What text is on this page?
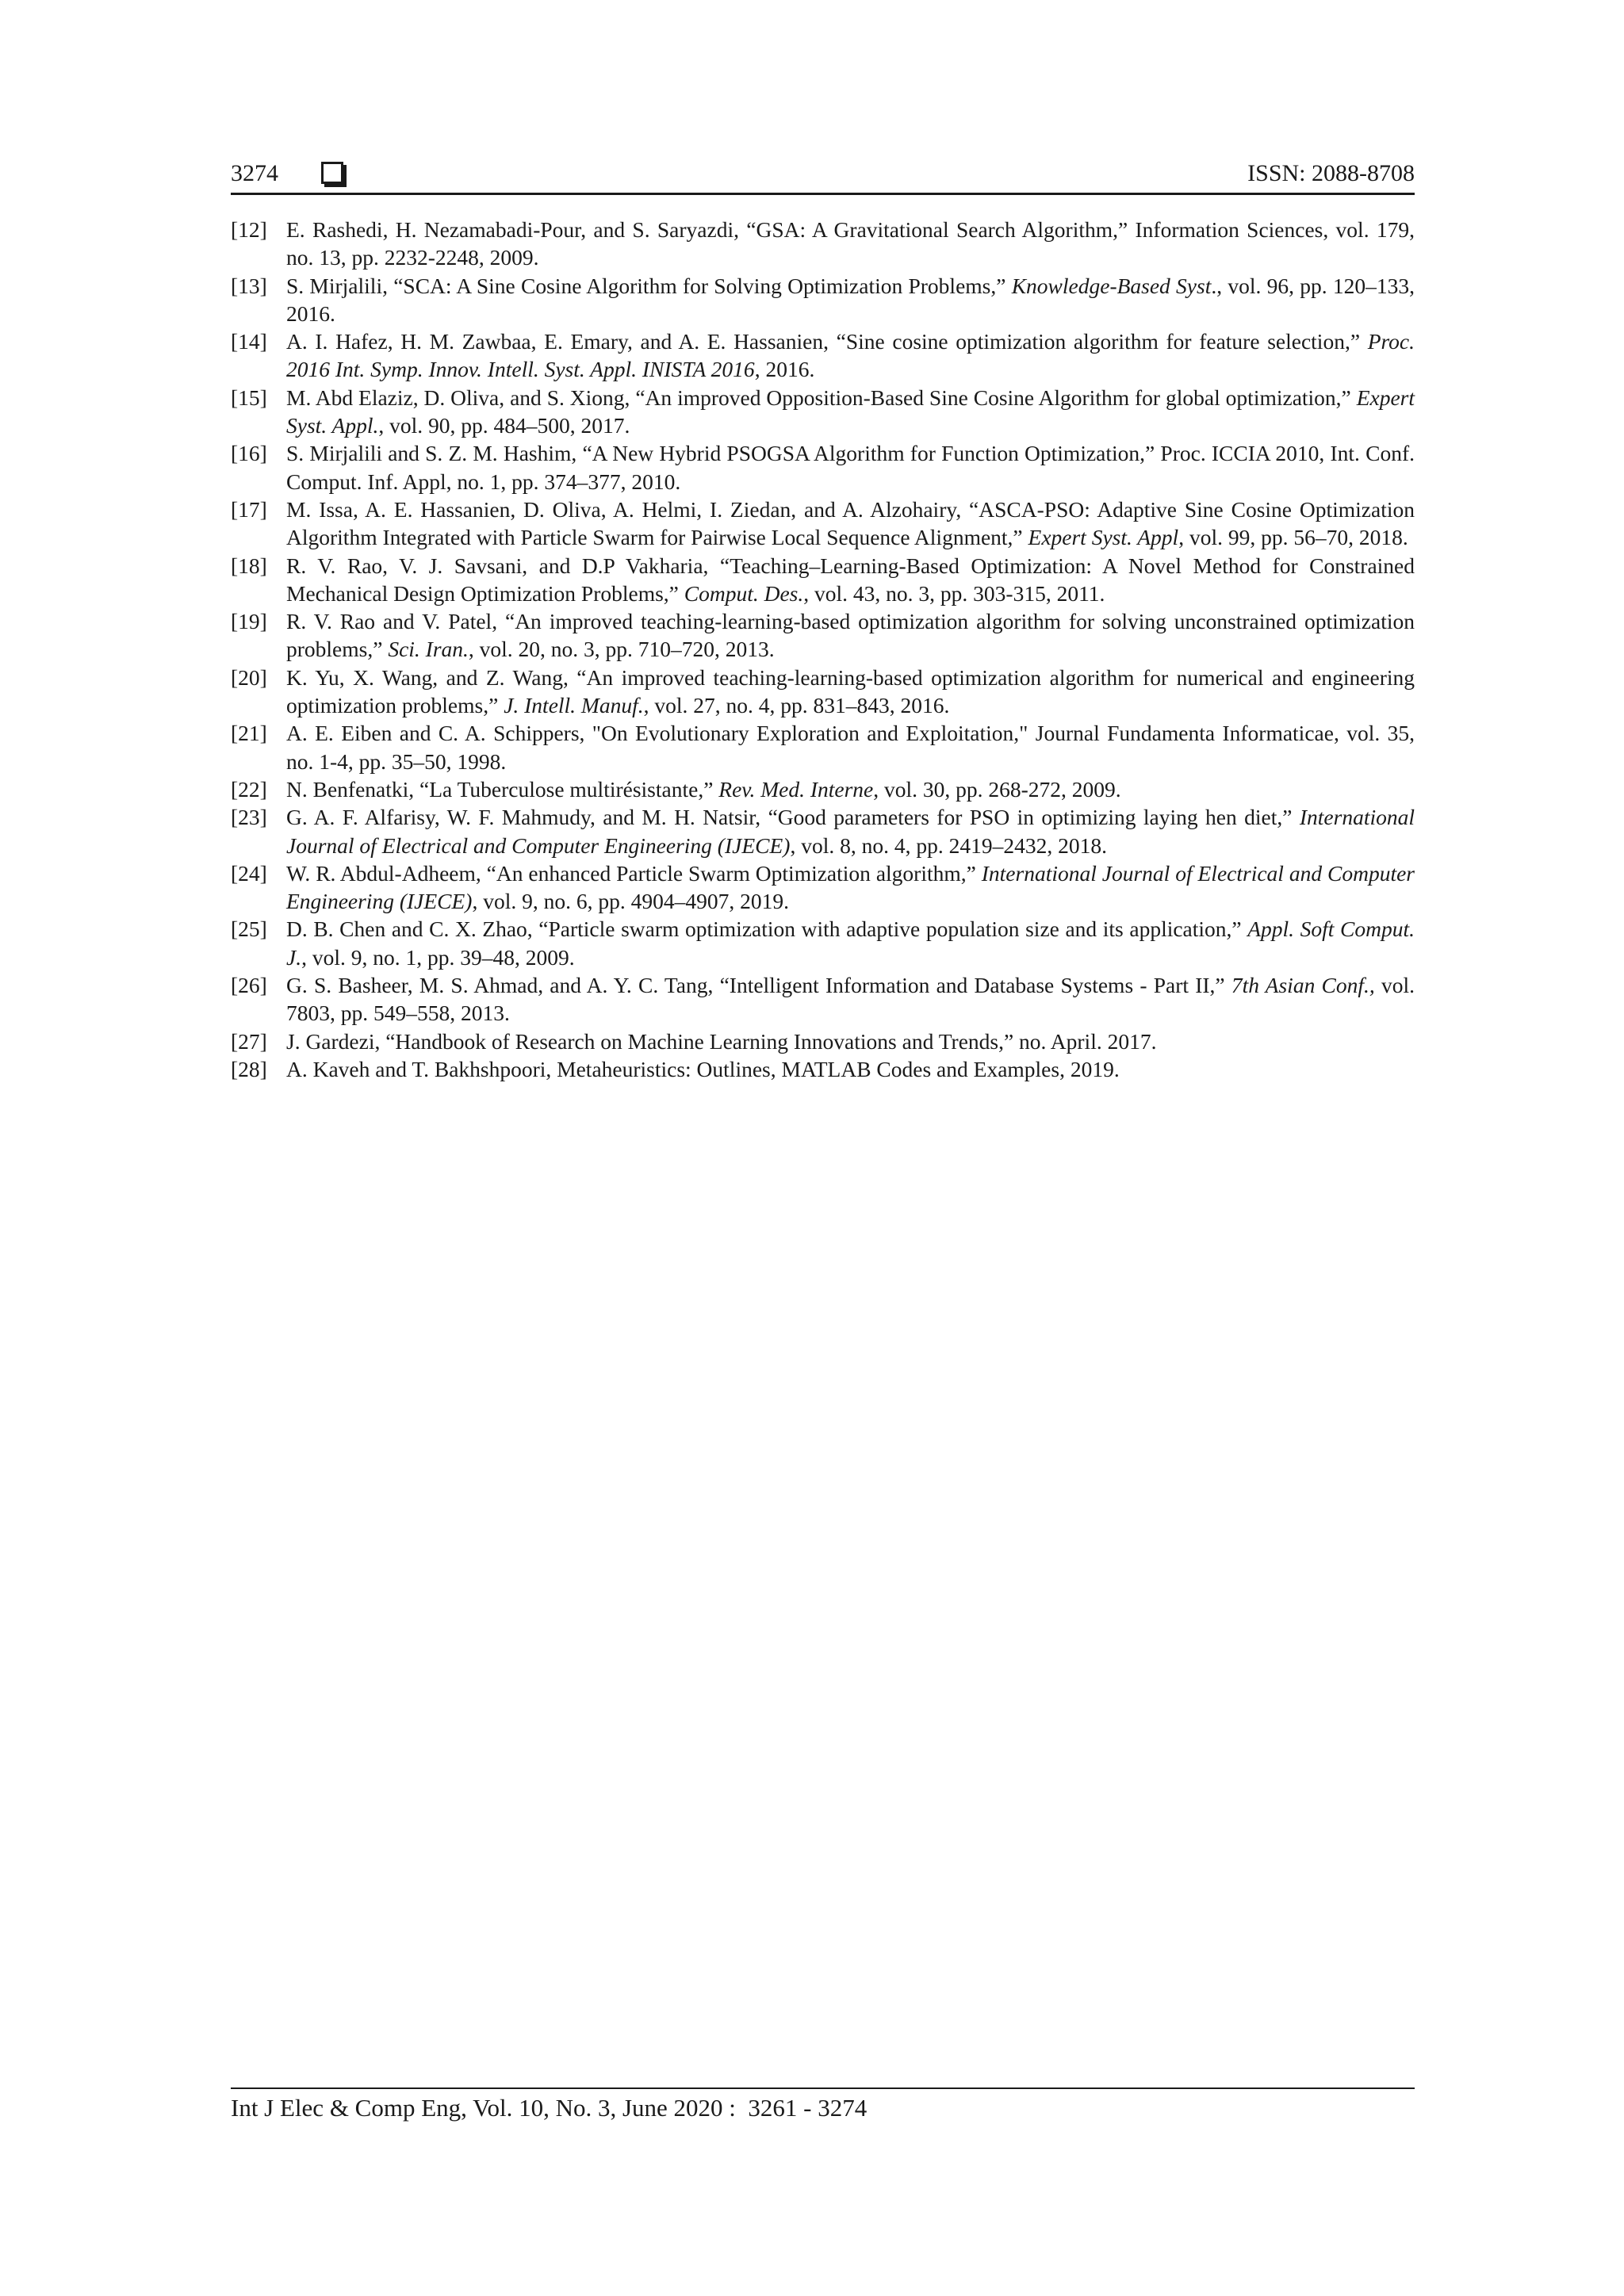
3274	ISSN: 2088-8708
[12] E. Rashedi, H. Nezamabadi-Pour, and S. Saryazdi, “GSA: A Gravitational Search Algorithm,” Information Sciences, vol. 179, no. 13, pp. 2232-2248, 2009.
[13] S. Mirjalili, “SCA: A Sine Cosine Algorithm for Solving Optimization Problems,” Knowledge-Based Syst., vol. 96, pp. 120–133, 2016.
[14] A. I. Hafez, H. M. Zawbaa, E. Emary, and A. E. Hassanien, “Sine cosine optimization algorithm for feature selection,” Proc. 2016 Int. Symp. Innov. Intell. Syst. Appl. INISTA 2016, 2016.
[15] M. Abd Elaziz, D. Oliva, and S. Xiong, “An improved Opposition-Based Sine Cosine Algorithm for global optimization,” Expert Syst. Appl., vol. 90, pp. 484–500, 2017.
[16] S. Mirjalili and S. Z. M. Hashim, “A New Hybrid PSOGSA Algorithm for Function Optimization,” Proc. ICCIA 2010, Int. Conf. Comput. Inf. Appl, no. 1, pp. 374–377, 2010.
[17] M. Issa, A. E. Hassanien, D. Oliva, A. Helmi, I. Ziedan, and A. Alzohairy, “ASCA-PSO: Adaptive Sine Cosine Optimization Algorithm Integrated with Particle Swarm for Pairwise Local Sequence Alignment,” Expert Syst. Appl, vol. 99, pp. 56–70, 2018.
[18] R. V. Rao, V. J. Savsani, and D.P Vakharia, “Teaching–Learning-Based Optimization: A Novel Method for Constrained Mechanical Design Optimization Problems,” Comput. Des., vol. 43, no. 3, pp. 303-315, 2011.
[19] R. V. Rao and V. Patel, “An improved teaching-learning-based optimization algorithm for solving unconstrained optimization problems,” Sci. Iran., vol. 20, no. 3, pp. 710–720, 2013.
[20] K. Yu, X. Wang, and Z. Wang, “An improved teaching-learning-based optimization algorithm for numerical and engineering optimization problems,” J. Intell. Manuf., vol. 27, no. 4, pp. 831–843, 2016.
[21] A. E. Eiben and C. A. Schippers, "On Evolutionary Exploration and Exploitation," Journal Fundamenta Informaticae, vol. 35, no. 1-4, pp. 35–50, 1998.
[22] N. Benfenatki, “La Tuberculose multirésistante,” Rev. Med. Interne, vol. 30, pp. 268-272, 2009.
[23] G. A. F. Alfarisy, W. F. Mahmudy, and M. H. Natsir, “Good parameters for PSO in optimizing laying hen diet,” International Journal of Electrical and Computer Engineering (IJECE), vol. 8, no. 4, pp. 2419–2432, 2018.
[24] W. R. Abdul-Adheem, “An enhanced Particle Swarm Optimization algorithm,” International Journal of Electrical and Computer Engineering (IJECE), vol. 9, no. 6, pp. 4904–4907, 2019.
[25] D. B. Chen and C. X. Zhao, “Particle swarm optimization with adaptive population size and its application,” Appl. Soft Comput. J., vol. 9, no. 1, pp. 39–48, 2009.
[26] G. S. Basheer, M. S. Ahmad, and A. Y. C. Tang, “Intelligent Information and Database Systems - Part II,” 7th Asian Conf., vol. 7803, pp. 549–558, 2013.
[27] J. Gardezi, “Handbook of Research on Machine Learning Innovations and Trends,” no. April. 2017.
[28] A. Kaveh and T. Bakhshpoori, Metaheuristics: Outlines, MATLAB Codes and Examples, 2019.
Int J Elec & Comp Eng, Vol. 10, No. 3, June 2020 :  3261 - 3274
